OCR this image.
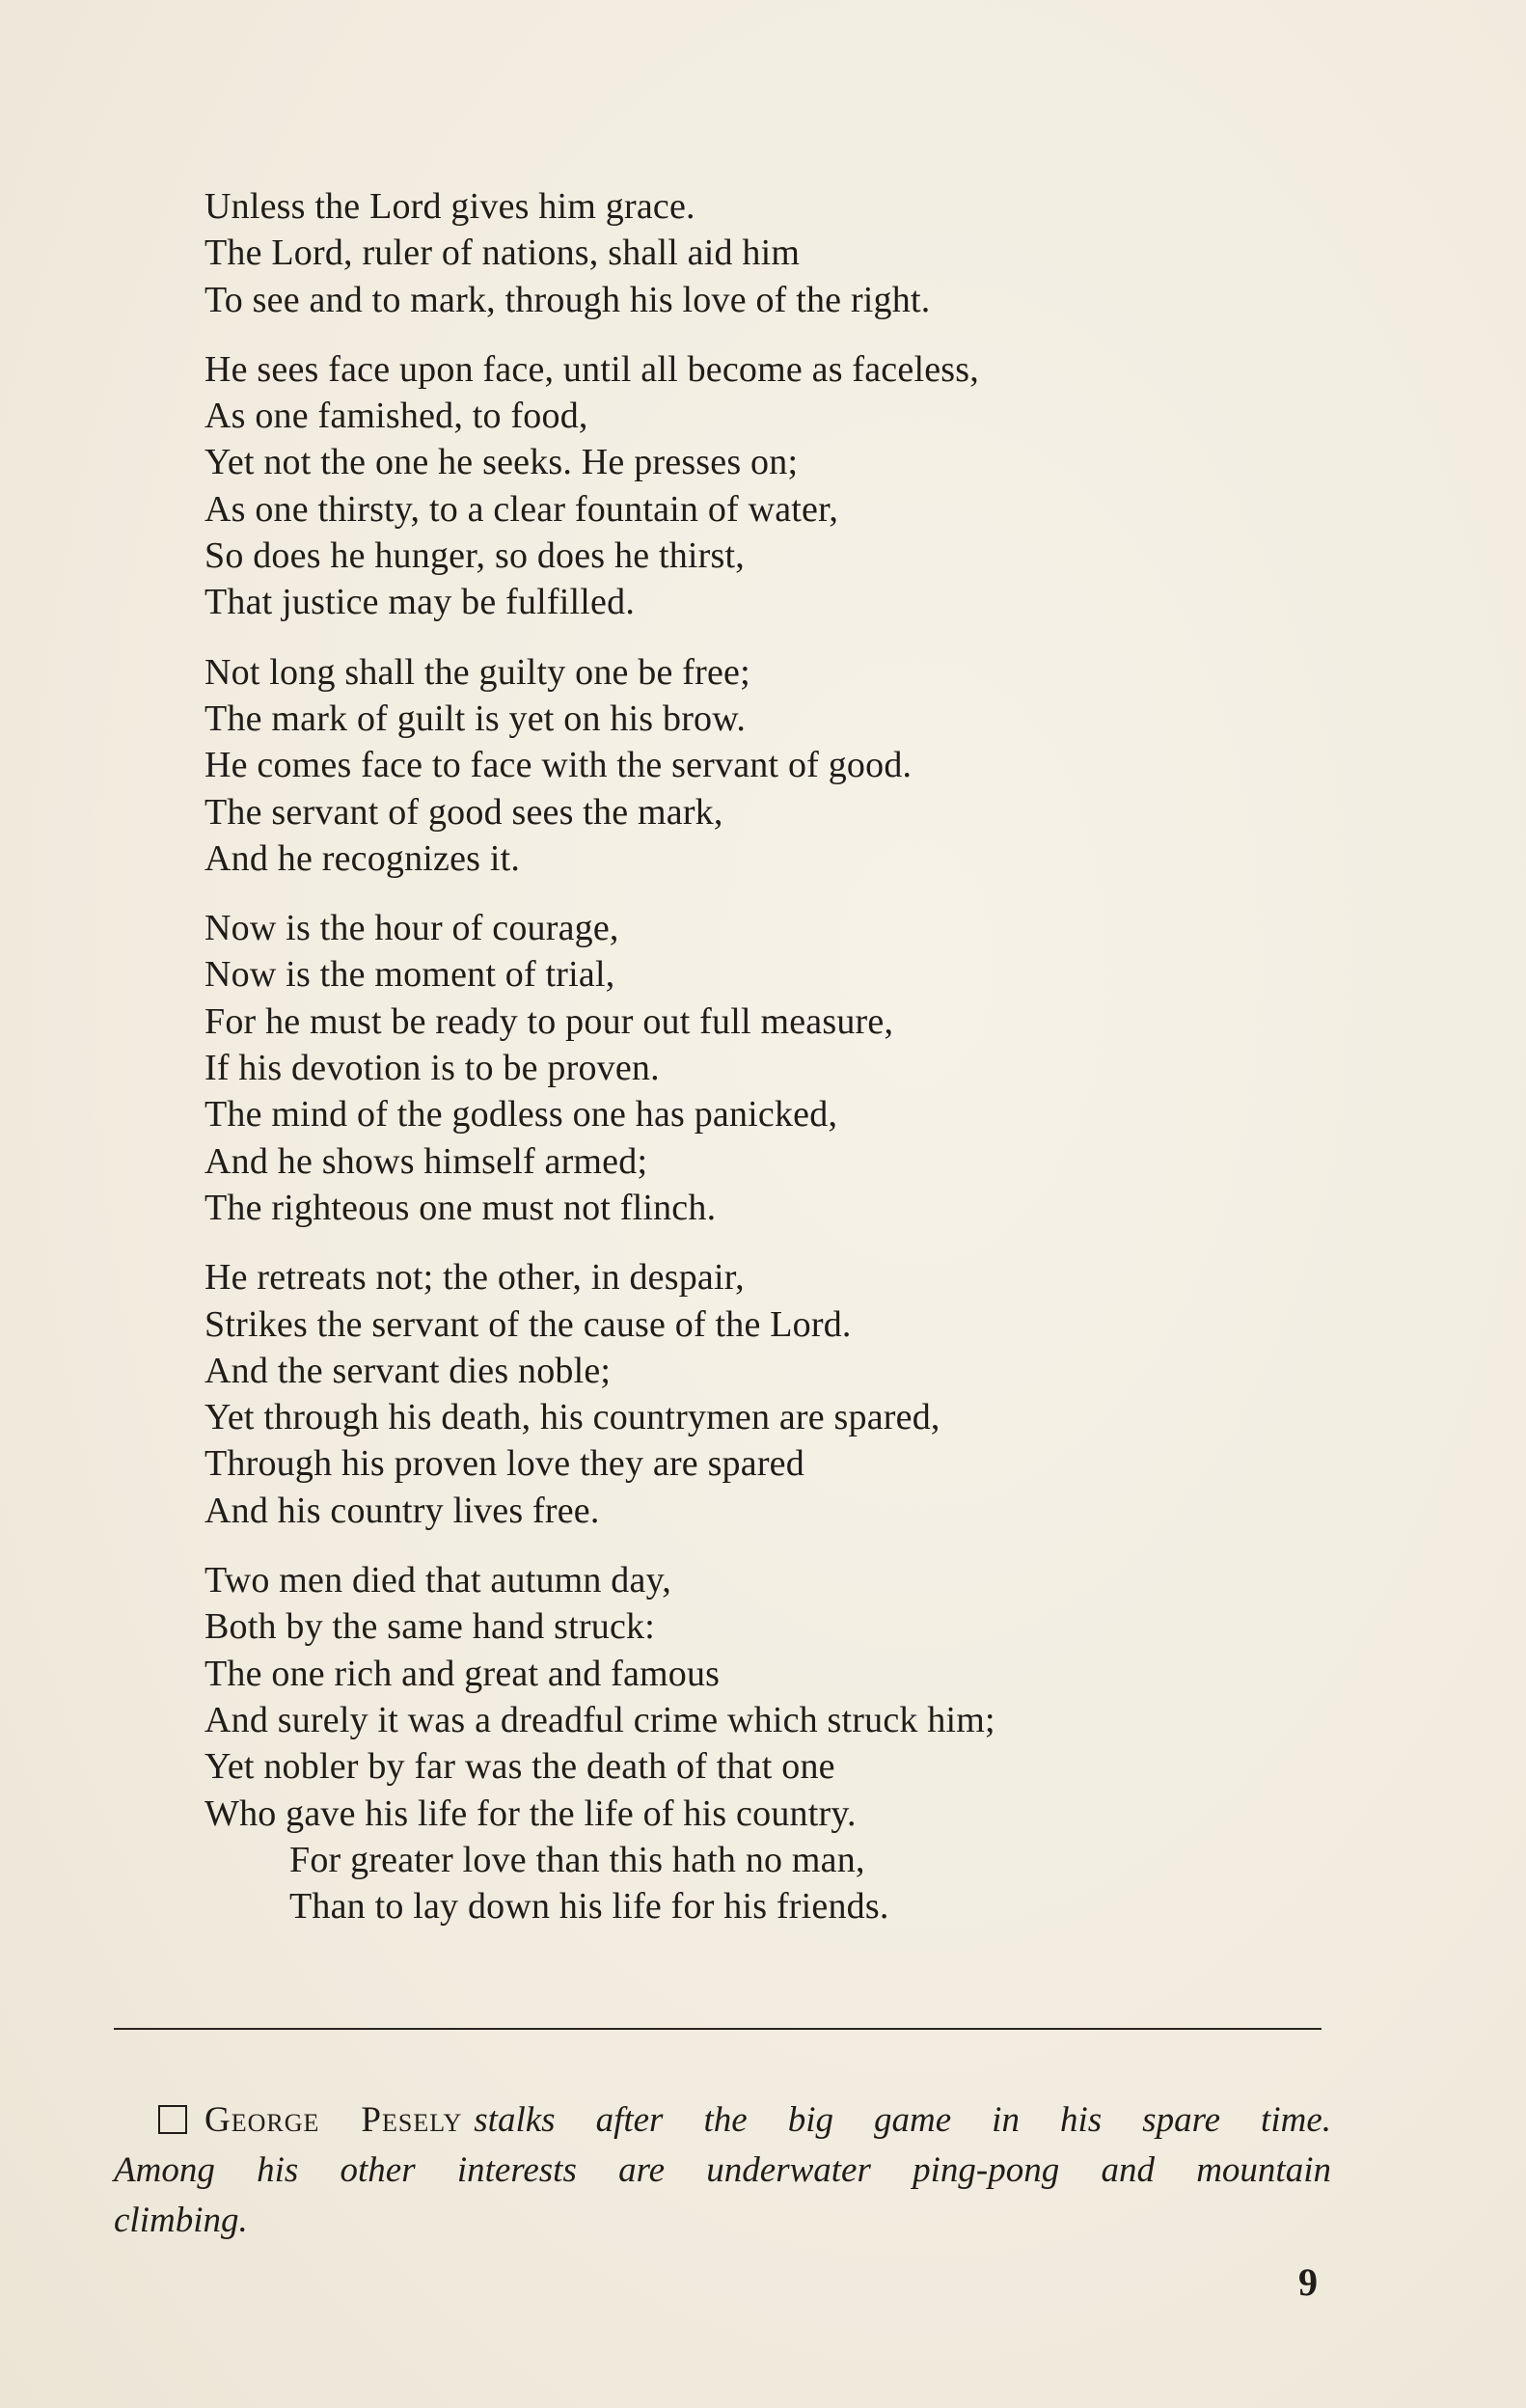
Unless the Lord gives him grace.
The Lord, ruler of nations, shall aid him
To see and to mark, through his love of the right.
He sees face upon face, until all become as faceless,
As one famished, to food,
Yet not the one he seeks. He presses on;
As one thirsty, to a clear fountain of water,
So does he hunger, so does he thirst,
That justice may be fulfilled.
Not long shall the guilty one be free;
The mark of guilt is yet on his brow.
He comes face to face with the servant of good.
The servant of good sees the mark,
And he recognizes it.
Now is the hour of courage,
Now is the moment of trial,
For he must be ready to pour out full measure,
If his devotion is to be proven.
The mind of the godless one has panicked,
And he shows himself armed;
The righteous one must not flinch.
He retreats not; the other, in despair,
Strikes the servant of the cause of the Lord.
And the servant dies noble;
Yet through his death, his countrymen are spared,
Through his proven love they are spared
And his country lives free.
Two men died that autumn day,
Both by the same hand struck:
The one rich and great and famous
And surely it was a dreadful crime which struck him;
Yet nobler by far was the death of that one
Who gave his life for the life of his country.
For greater love than this hath no man,
Than to lay down his life for his friends.
George Pesely stalks after the big game in his spare time.
Among his other interests are underwater ping-pong and mountain
climbing.
9
